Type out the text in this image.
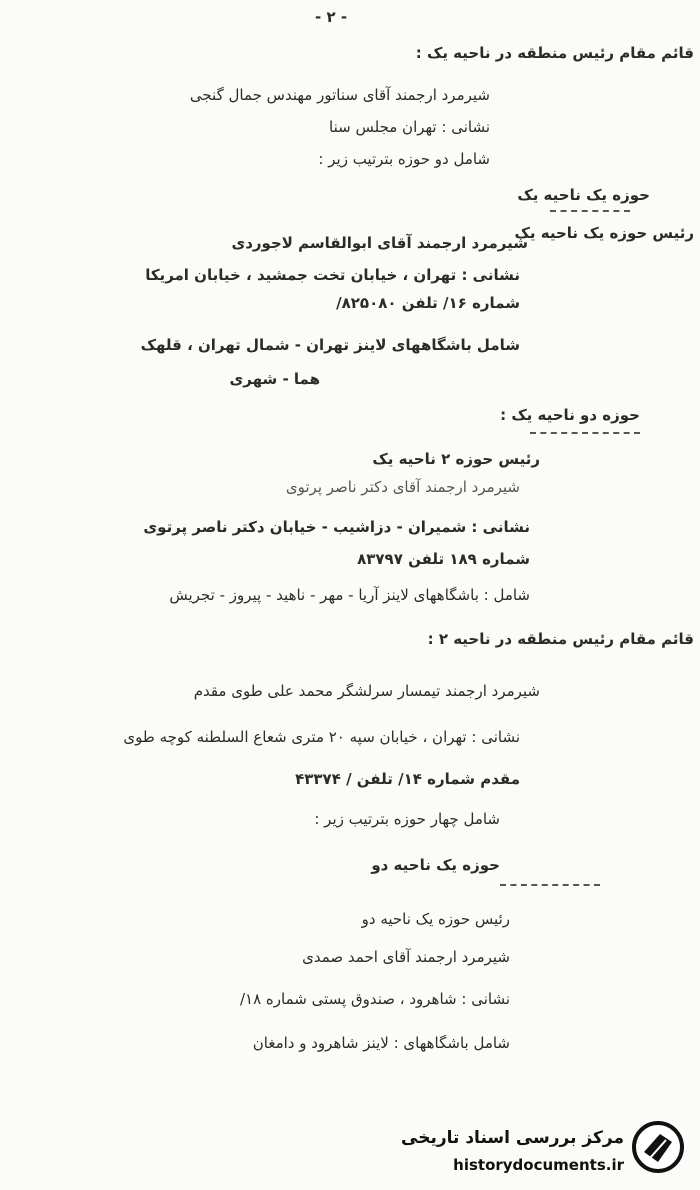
- ۲ -
قائم مقام رئیس منطقه در ناحیه یک :
شیرمرد ارجمند آقای سناتور مهندس جمال گنجی
نشانی : تهران مجلس سنا
شامل دو حوزه بترتیب زیر :
حوزه یک ناحیه یک
رئیس حوزه یک ناحیه یک
شیرمرد ارجمند آقای ابوالقاسم لاجوردی
نشانی : تهران ، خیابان تخت جمشید ، خیابان امریکا
شماره ۱۶/ تلفن ۸۲۵۰۸۰/
شامل باشگاههای لاینز تهران - شمال تهران ، قلهک
هما - شهری
حوزه دو ناحیه یک :
رئیس حوزه ۲ ناحیه یک
شیرمرد ارجمند آقای دکتر ناصر پرتوی
نشانی : شمیران - دزاشیب - خیابان دکتر ناصر پرتوی
شماره ۱۸۹ تلفن ۸۳۷۹۷
شامل : باشگاههای لاینز آریا - مهر - ناهید - پیروز - تجریش
قائم مقام رئیس منطقه در ناحیه ۲ :
شیرمرد ارجمند تیمسار سرلشگر محمد علی طوی مقدم
نشانی : تهران ، خیابان سپه ۲۰ متری شعاع السلطنه کوچه طوی
مقدم شماره ۱۴/ تلفن / ۴۳۳۷۴
شامل چهار حوزه بترتیب زیر :
حوزه یک ناحیه دو
رئیس حوزه یک ناحیه دو
شیرمرد ارجمند آقای احمد صمدی
نشانی : شاهرود ، صندوق پستی شماره ۱۸/
شامل باشگاههای : لاینز شاهرود و دامغان
مرکز بررسی اسناد تاریخی
historydocuments.ir
